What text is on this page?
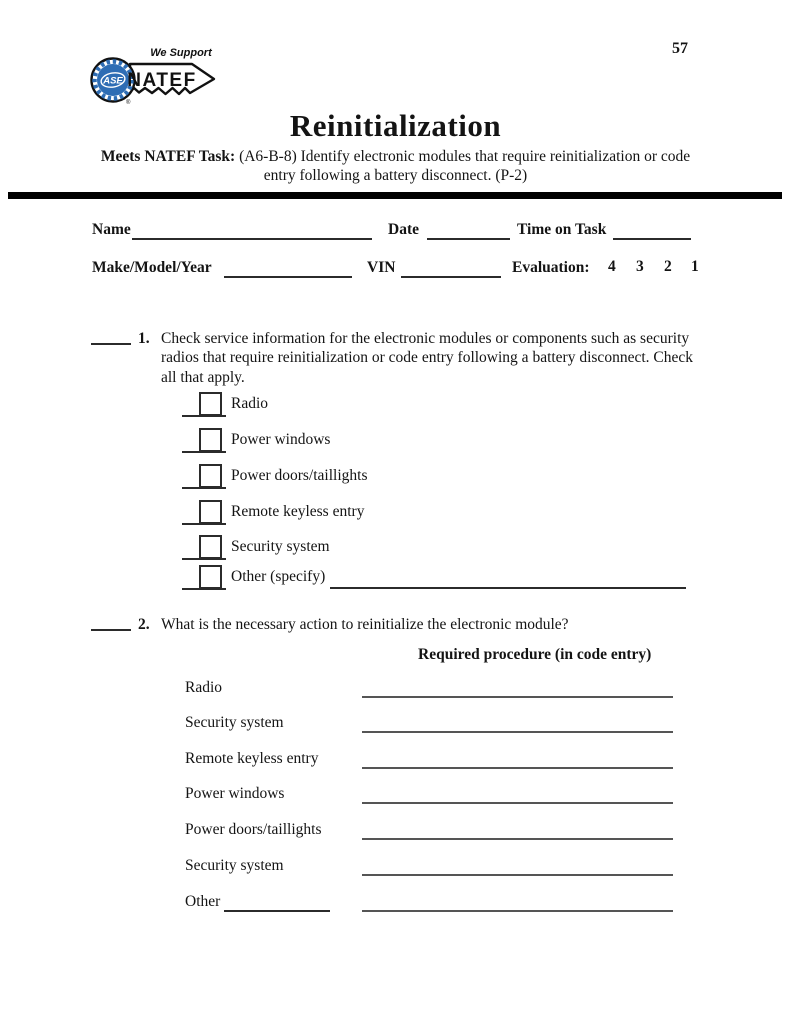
ASE
®
We Support
NATEF
57
Reinitialization
Meets NATEF Task: (A6-B-8) Identify electronic modules that require reinitialization or code
entry following a battery disconnect. (P-2)
Name	Date	Time on Task
Make/Model/Year	VIN	Evaluation: 4 3 2 1
1. Check service information for the electronic modules or components such as security
radios that require reinitialization or code entry following a battery disconnect. Check
all that apply.
Radio
Power windows
Power doors/taillights
Remote keyless entry
Security system
Other (specify)
2. What is the necessary action to reinitialize the electronic module?
Required procedure (in code entry)
Radio
Security system
Remote keyless entry
Power windows
Power doors/taillights
Security system
Other
